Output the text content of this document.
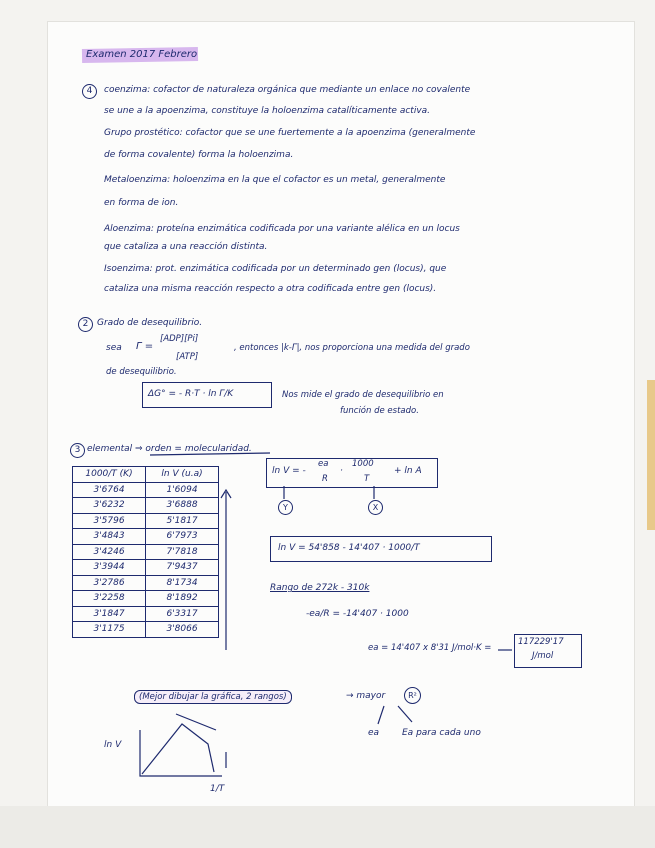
Examen 2017 Febrero
4	coenzima: cofactor de naturaleza orgánica que mediante un enlace no covalente
se une a la apoenzima, constituye la holoenzima catalíticamente activa.
Grupo prostético: cofactor que se une fuertemente a la apoenzima (generalmente
de forma covalente) forma la holoenzima.
Metaloenzima: holoenzima en la que el cofactor es un metal, generalmente
en forma de ion.
Aloenzima: proteína enzimática codificada por una variante alélica en un locus
que cataliza a una reacción distinta.
Isoenzima: prot. enzimática codificada por un determinado gen (locus), que
cataliza una misma reacción respecto a otra codificada entre gen (locus).
2 Grado de desequilibrio.
sea Γ =
[ADP][Pi]
[ATP]
, entonces |k-Γ|, nos proporciona una medida del grado
de desequilibrio.
ΔG° = - R·T · ln Γ/K	Nos mide el grado de desequilibrio en
función de estado.
3 elemental ⇒ orden = molecularidad.
1000/T (K)	ln V (u.a)
3'6764	1'6094
3'6232	3'6888
3'5796	5'1817
3'4843	6'7973
3'4246	7'7818
3'3944	7'9437
3'2786	8'1734
3'2258	8'1892
3'1847	6'3317
3'1175	3'8066
ln V = -
ea
R
·
1000
T
+ ln A
Y	X
ln V = 54'858 - 14'407 · 1000/T
Rango de 272k - 310k
-ea/R = -14'407 · 1000
ea = 14'407 x 8'31 J/mol·K =
117229'17
J/mol
(Mejor dibujar la gráfica, 2 rangos)	→ mayor	R²
ea	Ea para cada uno
ln V
1/T
